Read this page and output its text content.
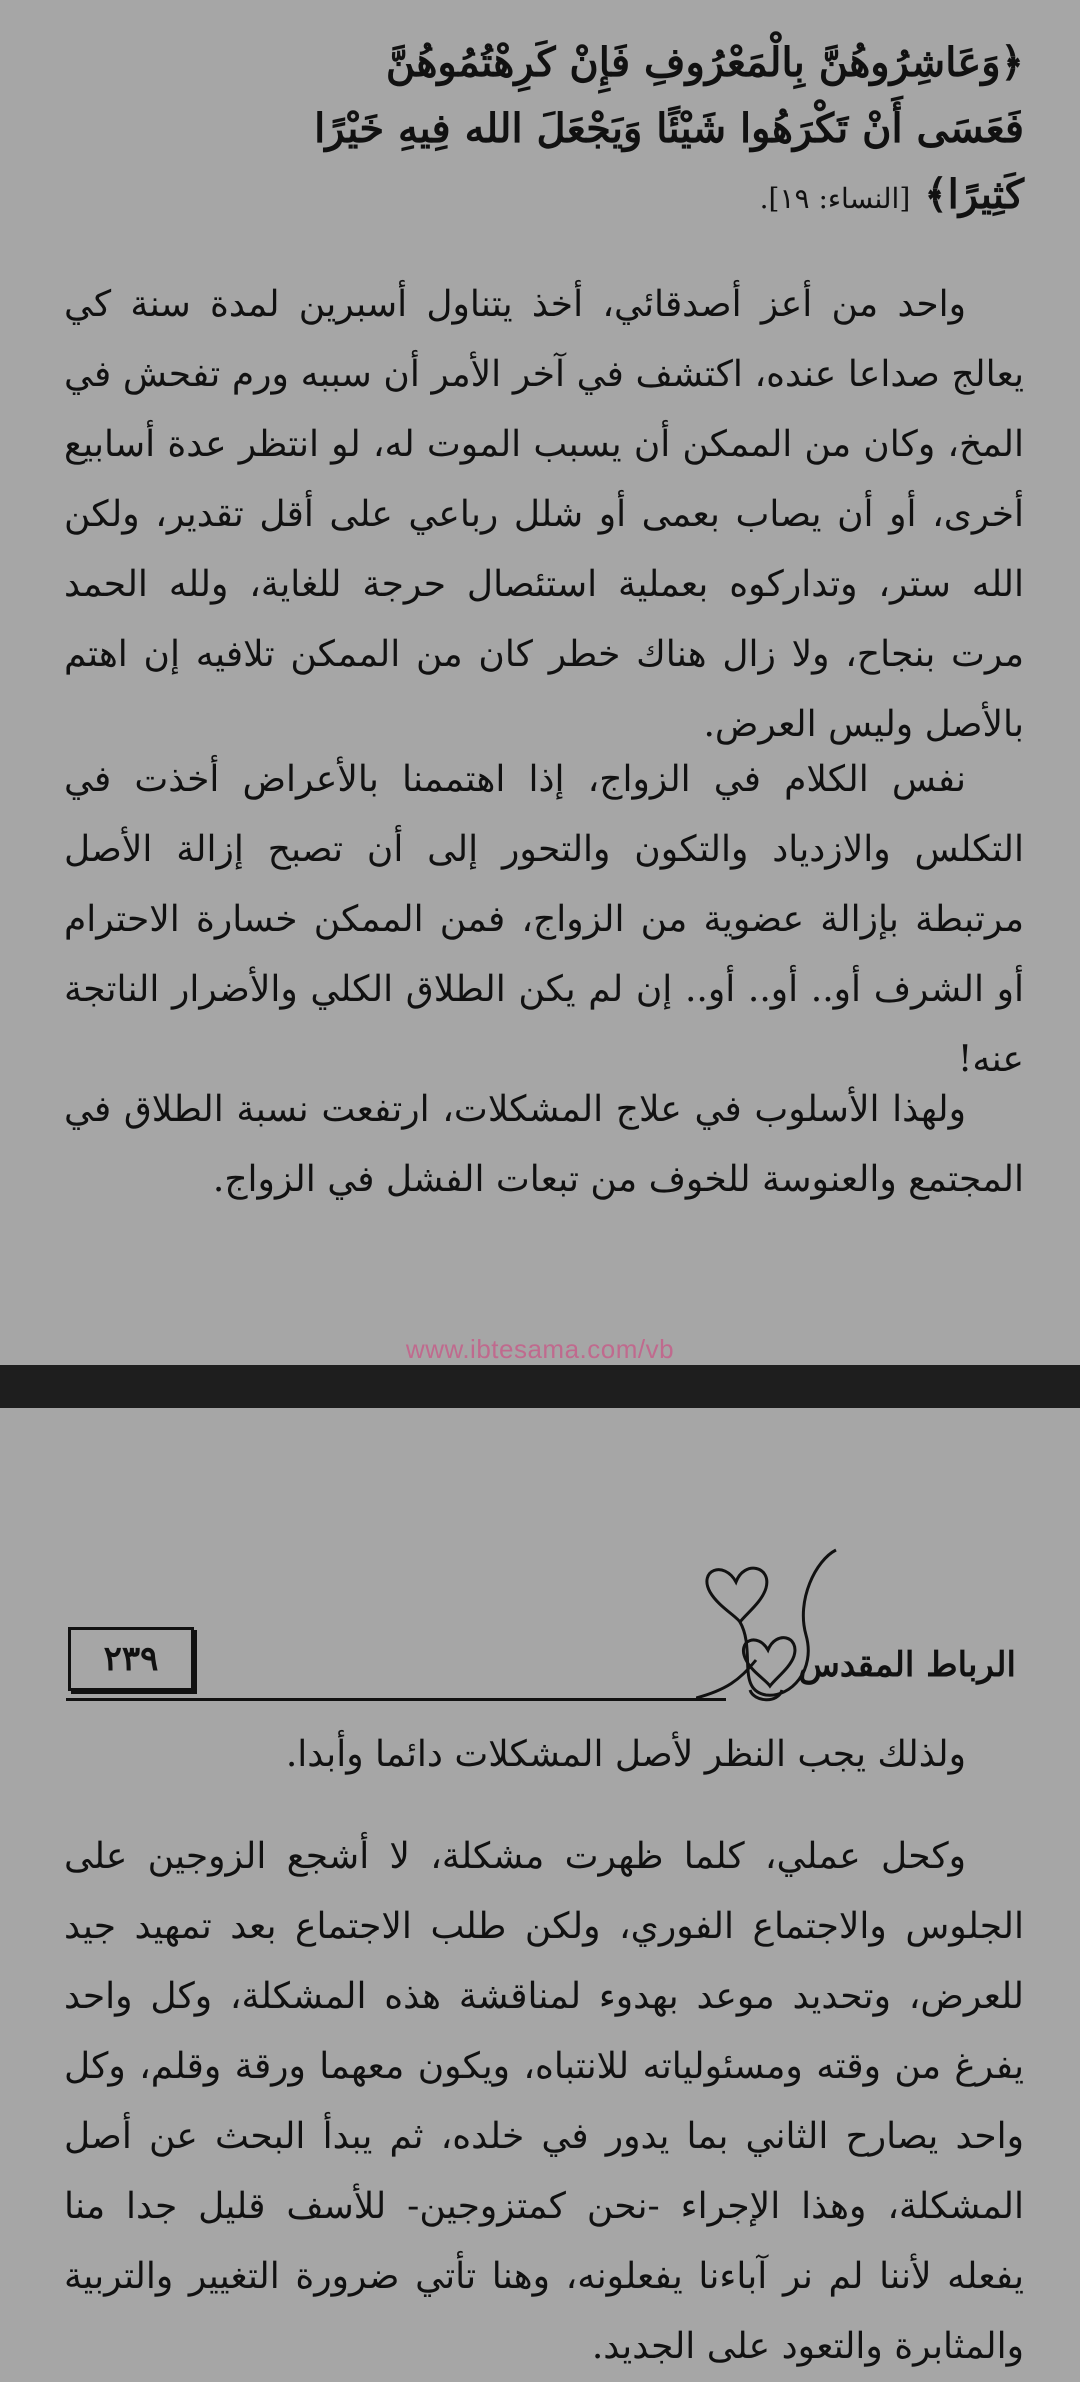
﴿وَعَاشِرُوهُنَّ بِالْمَعْرُوفِ فَإِنْ كَرِهْتُمُوهُنَّ
فَعَسَى أَنْ تَكْرَهُوا شَيْئًا وَيَجْعَلَ الله فِيهِ خَيْرًا
كَثِيرًا﴾ [النساء: ١٩].

واحد من أعز أصدقائي، أخذ يتناول أسبرين لمدة سنة كي يعالج صداعا عنده، اكتشف في آخر الأمر أن سببه ورم تفحش في المخ، وكان من الممكن أن يسبب الموت له، لو انتظر عدة أسابيع أخرى، أو أن يصاب بعمى أو شلل رباعي على أقل تقدير، ولكن الله ستر، وتداركوه بعملية استئصال حرجة للغاية، ولله الحمد مرت بنجاح، ولا زال هناك خطر كان من الممكن تلافيه إن اهتم بالأصل وليس العرض.

نفس الكلام في الزواج، إذا اهتممنا بالأعراض أخذت في التكلس والازدياد والتكون والتحور إلى أن تصبح إزالة الأصل مرتبطة بإزالة عضوية من الزواج، فمن الممكن خسارة الاحترام أو الشرف أو.. أو.. أو.. إن لم يكن الطلاق الكلي والأضرار الناتجة عنه!

ولهذا الأسلوب في علاج المشكلات، ارتفعت نسبة الطلاق في المجتمع والعنوسة للخوف من تبعات الفشل في الزواج.

www.ibtesama.com/vb
٢٣٩	الرباط المقدس

ولذلك يجب النظر لأصل المشكلات دائما وأبدا.

وكحل عملي، كلما ظهرت مشكلة، لا أشجع الزوجين على الجلوس والاجتماع الفوري، ولكن طلب الاجتماع بعد تمهيد جيد للعرض، وتحديد موعد بهدوء لمناقشة هذه المشكلة، وكل واحد يفرغ من وقته ومسئولياته للانتباه، ويكون معهما ورقة وقلم، وكل واحد يصارح الثاني بما يدور في خلده، ثم يبدأ البحث عن أصل المشكلة، وهذا الإجراء -نحن كمتزوجين- للأسف قليل جدا منا يفعله لأننا لم نر آباءنا يفعلونه، وهنا تأتي ضرورة التغيير والتربية والمثابرة والتعود على الجديد.
